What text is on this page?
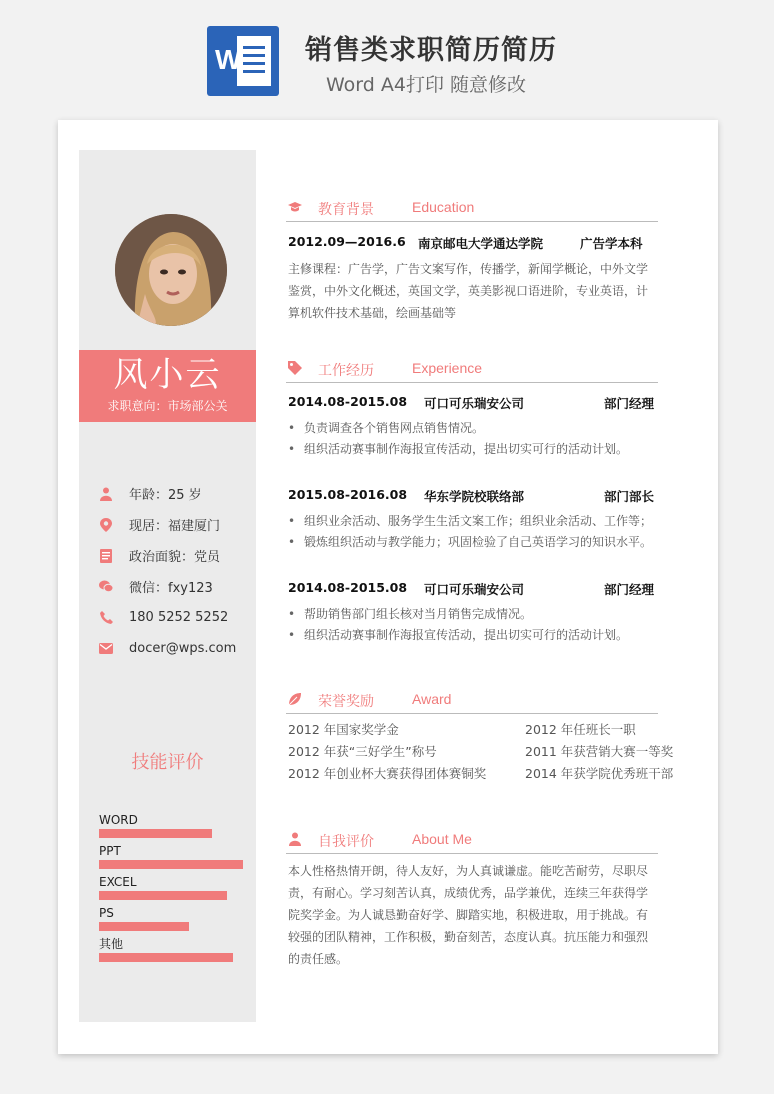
W 销售类求职简历简历
Word A4打印 随意修改
风小云
求职意向：市场部公关
年龄：25 岁
现居：福建厦门
政治面貌：党员
微信：fxy123
180 5252 5252
docer@wps.com
技能评价
WORD
PPT
EXCEL
PS
其他
教育背景	Education
2012.09—2016.6 南京邮电大学通达学院	广告学本科
主修课程：广告学，广告文案写作，传播学，新闻学概论，中外文学鉴赏，中外文化概述，英国文学，英美影视口语进阶，专业英语，计算机软件技术基础，绘画基础等
工作经历	Experience
2014.08-2015.08 可口可乐瑞安公司	部门经理
• 负责调查各个销售网点销售情况。
• 组织活动赛事制作海报宣传活动，提出切实可行的活动计划。
2015.08-2016.08 华东学院校联络部	部门部长
• 组织业余活动、服务学生生活文案工作；组织业余活动、工作等；
• 锻炼组织活动与教学能力；巩固检验了自己英语学习的知识水平。
2014.08-2015.08 可口可乐瑞安公司	部门经理
• 帮助销售部门组长核对当月销售完成情况。
• 组织活动赛事制作海报宣传活动，提出切实可行的活动计划。
荣誉奖励	Award
2012 年国家奖学金	2012 年任班长一职
2012 年获“三好学生”称号	2011 年获营销大赛一等奖
2012 年创业杯大赛获得团体赛铜奖	2014 年获学院优秀班干部
自我评价	About Me
本人性格热情开朗，待人友好，为人真诚谦虚。能吃苦耐劳，尽职尽责，有耐心。学习刻苦认真，成绩优秀，品学兼优，连续三年获得学院奖学金。为人诚恳勤奋好学、脚踏实地，积极进取，用于挑战。有较强的团队精神，工作积极，勤奋刻苦，态度认真。抗压能力和强烈的责任感。
